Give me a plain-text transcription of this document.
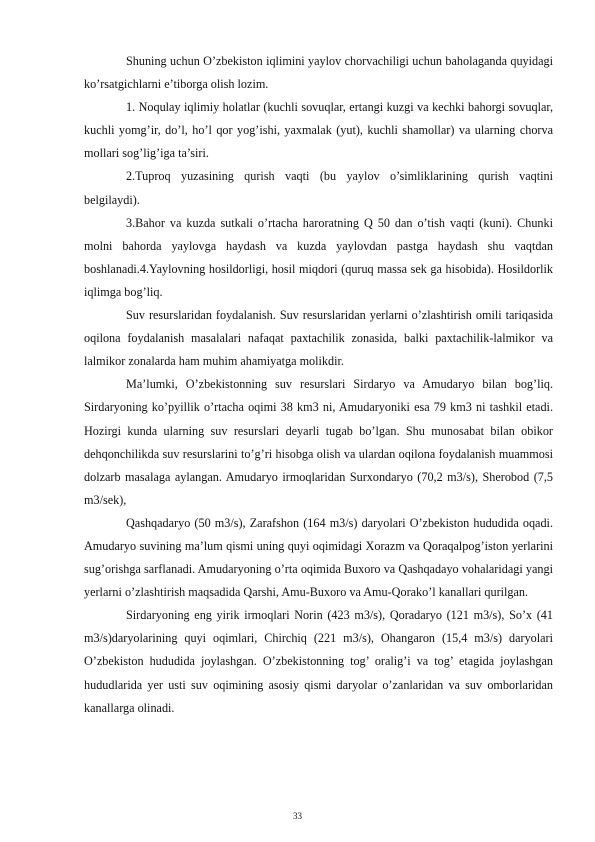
Shuning uchun O’zbekiston iqlimini yaylov chorvachiligi uchun baholaganda quyidagi ko’rsatgichlarni e’tiborga olish lozim.

1. Noqulay iqlimiy holatlar (kuchli sovuqlar, ertangi kuzgi va kechki bahorgi sovuqlar, kuchli yomg’ir, do’l, ho’l qor yog’ishi, yaxmalak (yut), kuchli shamollar) va ularning chorva mollari sog’lig’iga ta’siri.

2.Tuproq yuzasining qurish vaqti (bu yaylov o’simliklarining qurish vaqtini belgilaydi).

3.Bahor va kuzda sutkali o’rtacha haroratning Q 50 dan o’tish vaqti (kuni). Chunki molni bahorda yaylovga haydash va kuzda yaylovdan pastga haydash shu vaqtdan boshlanadi.4.Yaylovning hosildorligi, hosil miqdori (quruq massa sek ga hisobida). Hosildorlik iqlimga bog’liq.

Suv resurslaridan foydalanish. Suv resurslaridan yerlarni o’zlashtirish omili tariqasida oqilona foydalanish masalalari nafaqat paxtachilik zonasida, balki paxtachilik-lalmikor va lalmikor zonalarda ham muhim ahamiyatga molikdir.

Ma’lumki, O’zbekistonning suv resurslari Sirdaryo va Amudaryo bilan bog’liq. Sirdaryoning ko’pyillik o’rtacha oqimi 38 km3 ni, Amudaryoniki esa 79 km3 ni tashkil etadi. Hozirgi kunda ularning suv resurslari deyarli tugab bo’lgan. Shu munosabat bilan obikor dehqonchilikda suv resurslarini to’g’ri hisobga olish va ulardan oqilona foydalanish muammosi dolzarb masalaga aylangan. Amudaryo irmoqlaridan Surxondaryo (70,2 m3/s), Sherobod (7,5 m3/sek),

Qashqadaryo (50 m3/s), Zarafshon (164 m3/s) daryolari O’zbekiston hududida oqadi. Amudaryo suvining ma’lum qismi uning quyi oqimidagi Xorazm va Qoraqalpog’iston yerlarini sug’orishga sarflanadi. Amudaryoning o’rta oqimida Buxoro va Qashqadayo vohalaridagi yangi yerlarni o’zlashtirish maqsadida Qarshi, Amu-Buxoro va Amu-Qorako’l kanallari qurilgan.

Sirdaryoning eng yirik irmoqlari Norin (423 m3/s), Qoradaryo (121 m3/s), So’x (41 m3/s)daryolarining quyi oqimlari, Chirchiq (221 m3/s), Ohangaron (15,4 m3/s) daryolari O’zbekiston hududida joylashgan. O’zbekistonning tog’ oralig’i va tog’ etagida joylashgan hududlarida yer usti suv oqimining asosiy qismi daryolar o’zanlaridan va suv omborlaridan kanallarga olinadi.

33
